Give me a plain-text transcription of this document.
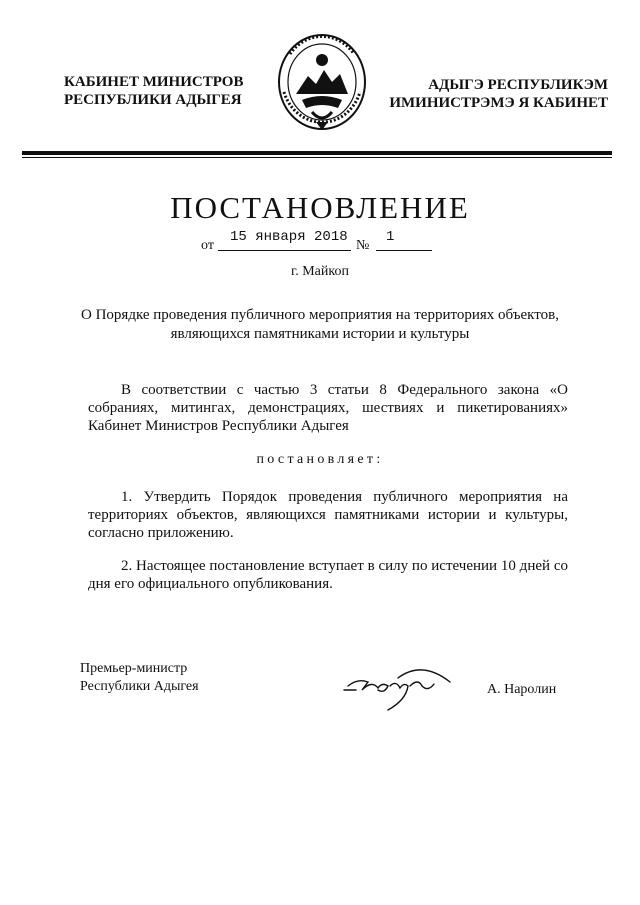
КАБИНЕТ МИНИСТРОВ
РЕСПУБЛИКИ АДЫГЕЯ
АДЫГЭ РЕСПУБЛИКЭМ
ИМИНИСТРЭМЭ Я КАБИНЕТ
ПОСТАНОВЛЕНИЕ
от
15 января 2018
№
1
г. Майкоп
О Порядке проведения публичного мероприятия на территориях объектов, являющихся памятниками истории и культуры
В соответствии с частью 3 статьи 8 Федерального закона «О собраниях, митингах, демонстрациях, шествиях и пикетированиях» Кабинет Министров Республики Адыгея
постановляет:
1. Утвердить Порядок проведения публичного мероприятия на территориях объектов, являющихся памятниками истории и культуры, согласно приложению.
2. Настоящее постановление вступает в силу по истечении 10 дней со дня его официального опубликования.
Премьер-министр
Республики Адыгея	А. Наролин
